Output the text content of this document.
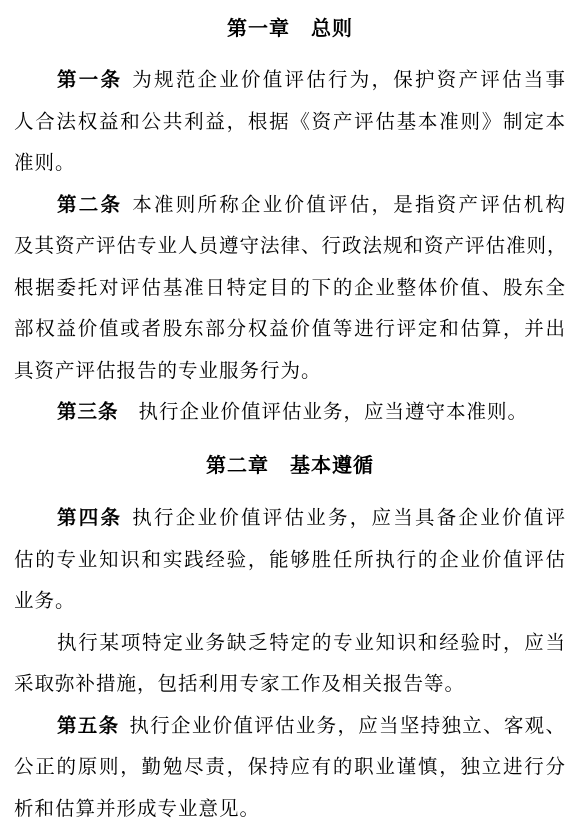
第一章　总则
第一条 为规范企业价值评估行为，保护资产评估当事
人合法权益和公共利益，根据《资产评估基本准则》制定本
准则。
第二条 本准则所称企业价值评估，是指资产评估机构
及其资产评估专业人员遵守法律、行政法规和资产评估准则，
根据委托对评估基准日特定目的下的企业整体价值、股东全
部权益价值或者股东部分权益价值等进行评定和估算，并出
具资产评估报告的专业服务行为。
第三条 执行企业价值评估业务，应当遵守本准则。
第二章　基本遵循
第四条 执行企业价值评估业务，应当具备企业价值评
估的专业知识和实践经验，能够胜任所执行的企业价值评估
业务。
执行某项特定业务缺乏特定的专业知识和经验时，应当
采取弥补措施，包括利用专家工作及相关报告等。
第五条 执行企业价值评估业务，应当坚持独立、客观、
公正的原则，勤勉尽责，保持应有的职业谨慎，独立进行分
析和估算并形成专业意见。
